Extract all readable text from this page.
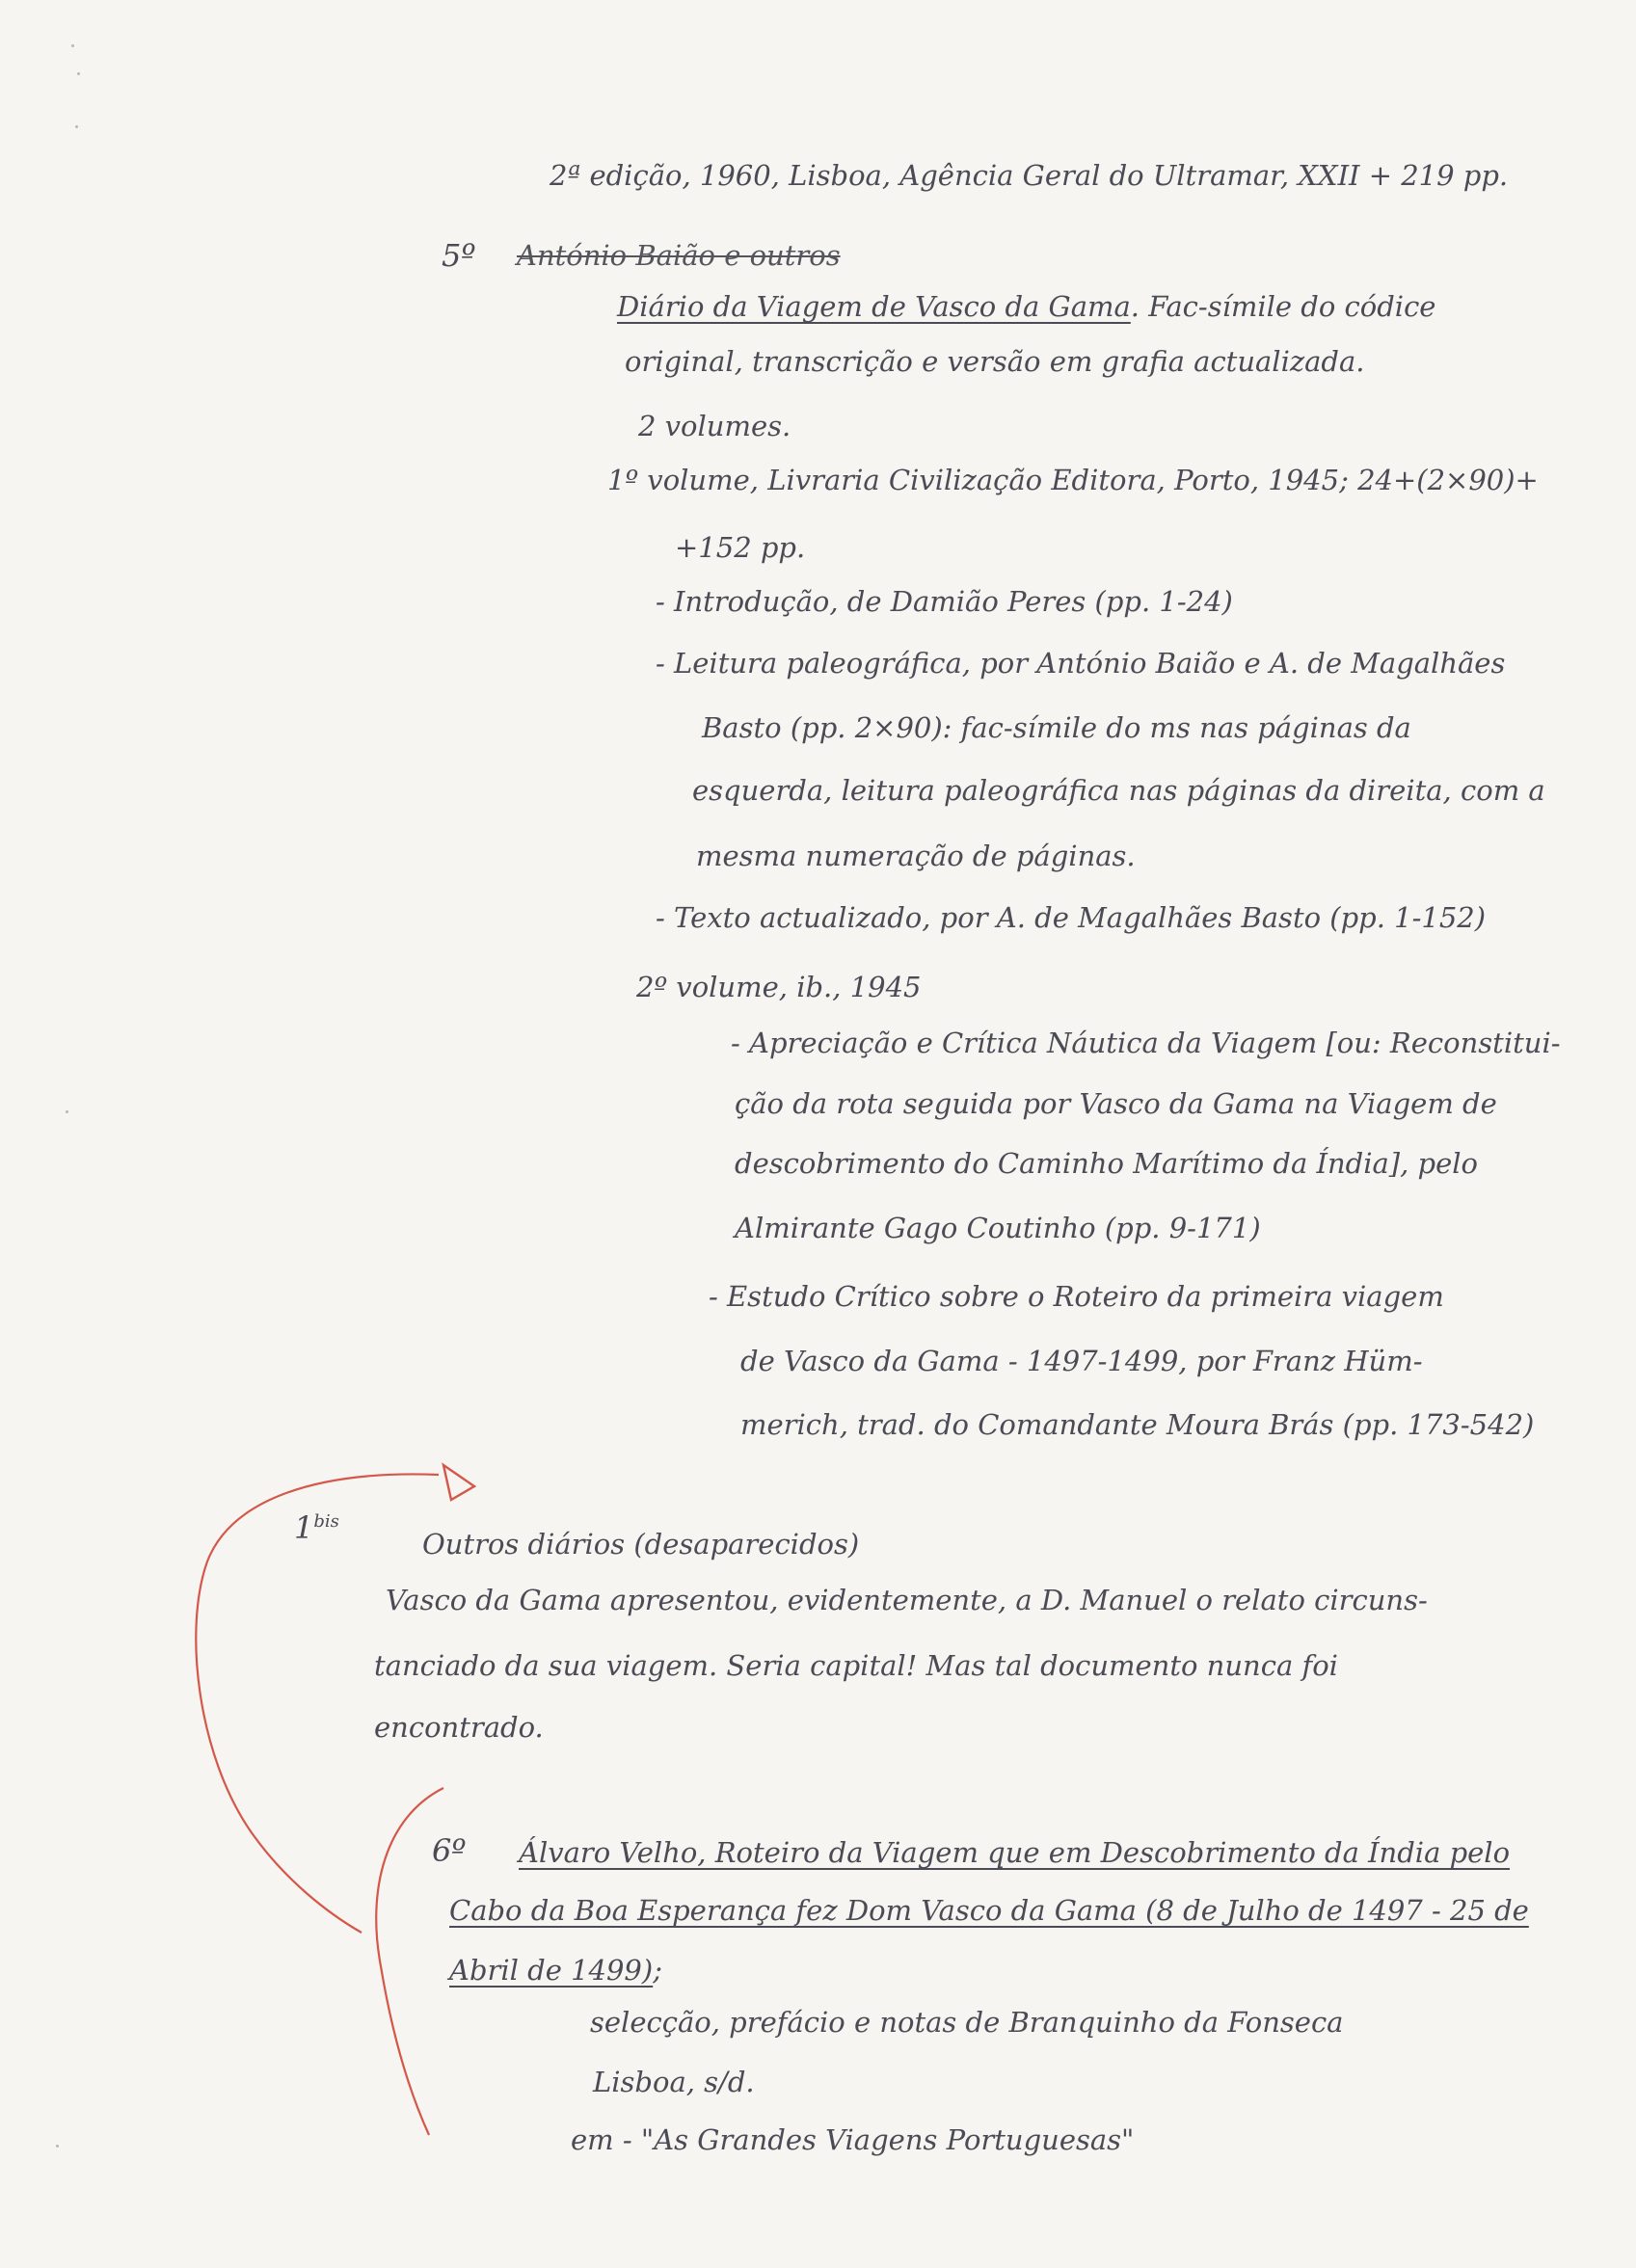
2ª edição, 1960, Lisboa, Agência Geral do Ultramar, XXII + 219 pp.
5º António Baião e outros
Diário da Viagem de Vasco da Gama. Fac-símile do códice
original, transcrição e versão em grafia actualizada.
2 volumes.
1º volume, Livraria Civilização Editora, Porto, 1945; 24+(2×90)+
+152 pp.
- Introdução, de Damião Peres (pp. 1-24)
- Leitura paleográfica, por António Baião e A. de Magalhães
Basto (pp. 2×90): fac-símile do ms nas páginas da
esquerda, leitura paleográfica nas páginas da direita, com a
mesma numeração de páginas.
- Texto actualizado, por A. de Magalhães Basto (pp. 1-152)
2º volume, ib., 1945
- Apreciação e Crítica Náutica da Viagem [ou: Reconstitui-
ção da rota seguida por Vasco da Gama na Viagem de
descobrimento do Caminho Marítimo da Índia], pelo
Almirante Gago Coutinho (pp. 9-171)
- Estudo Crítico sobre o Roteiro da primeira viagem
de Vasco da Gama - 1497-1499, por Franz Hüm-
merich, trad. do Comandante Moura Brás (pp. 173-542)
$1^{bis}$
Outros diários (desaparecidos)
Vasco da Gama apresentou, evidentemente, a D. Manuel o relato circuns-
tanciado da sua viagem. Seria capital! Mas tal documento nunca foi
encontrado.
6º Álvaro Velho, Roteiro da Viagem que em Descobrimento da Índia pelo
Cabo da Boa Esperança fez Dom Vasco da Gama (8 de Julho de 1497 - 25 de
Abril de 1499);
selecção, prefácio e notas de Branquinho da Fonseca
Lisboa, s/d.
em - "As Grandes Viagens Portuguesas"
